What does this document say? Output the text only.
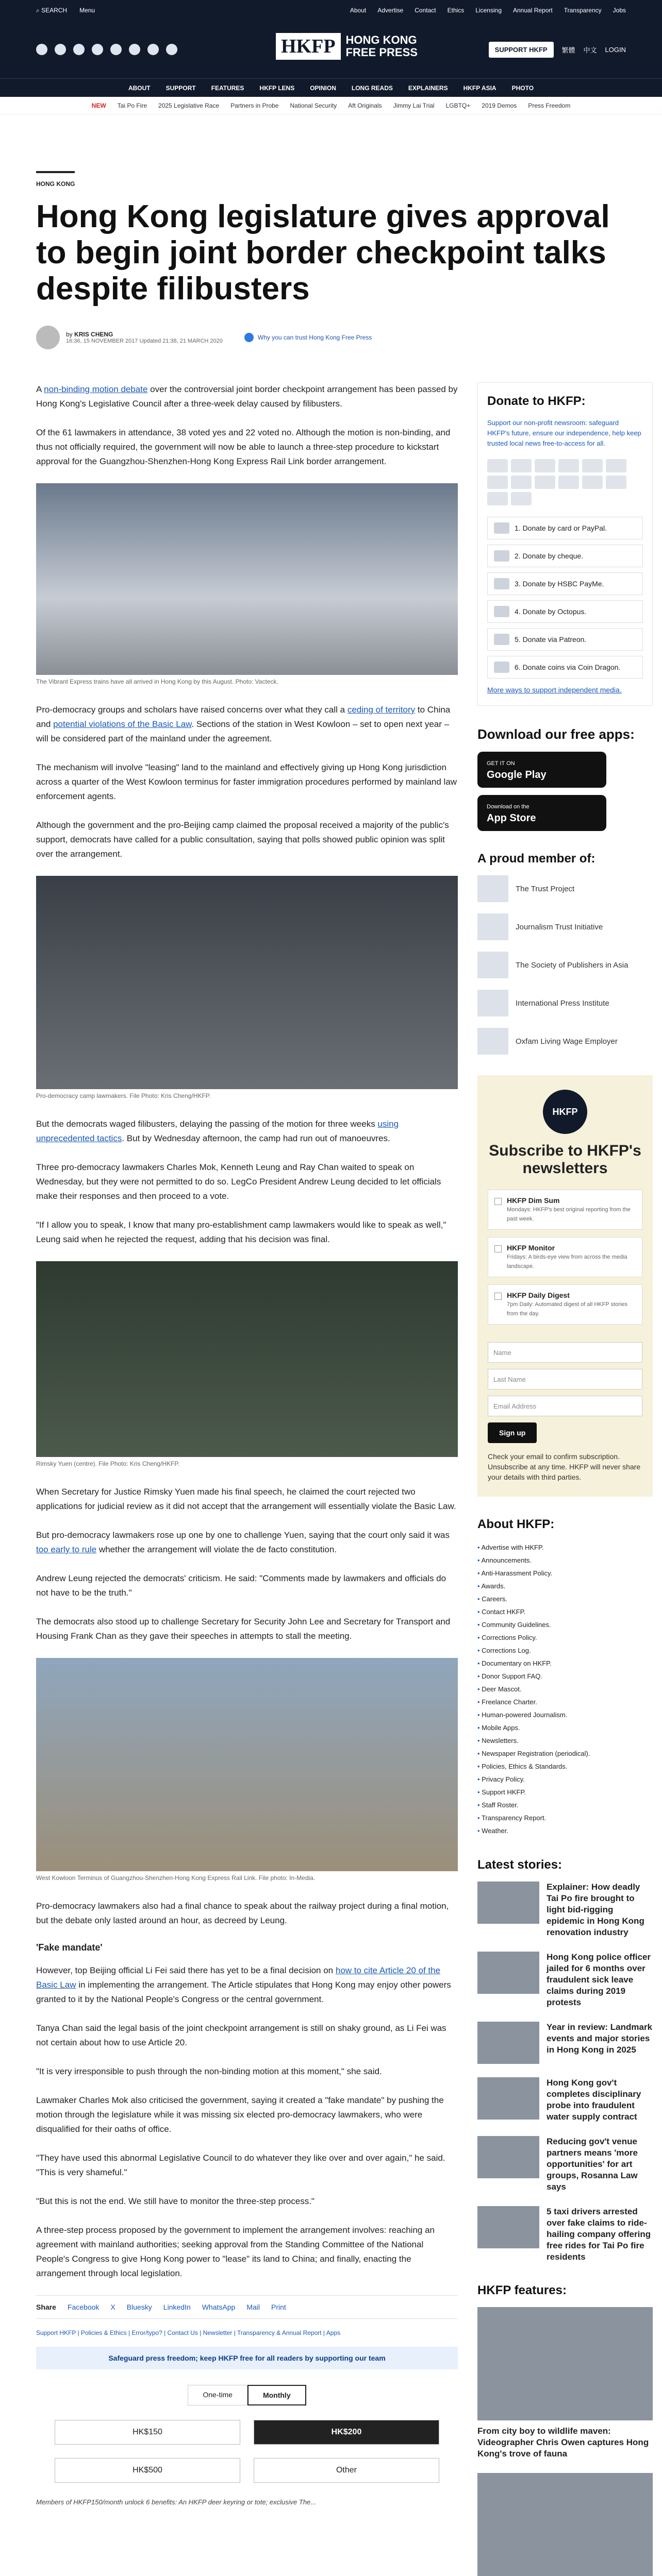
⌕ SEARCH Menu	About Advertise Contact Ethics Licensing Annual Report Transparency Jobs
HKFP HONG KONG
FREE PRESS	SUPPORT HKFP	繁體 中文 LOGIN
ABOUT	SUPPORT	FEATURES	HKFP LENS	OPINION	LONG READS	EXPLAINERS	HKFP ASIA	PHOTO
NEW Tai Po Fire 2025 Legislative Race Partners in Probe National Security Aft Originals Jimmy Lai Trial LGBTQ+ 2019 Demos Press Freedom
HONG KONG
Hong Kong legislature gives approval to begin joint border checkpoint talks despite filibusters
by KRIS CHENG
16:36, 15 NOVEMBER 2017 Updated 21:38, 21 MARCH 2020	Why you can trust Hong Kong Free Press

A non-binding motion debate over the controversial joint border checkpoint arrangement has been passed by Hong Kong's Legislative Council after a three-week delay caused by filibusters.

Of the 61 lawmakers in attendance, 38 voted yes and 22 voted no. Although the motion is non-binding, and thus not officially required, the government will now be able to launch a three-step procedure to kickstart approval for the Guangzhou-Shenzhen-Hong Kong Express Rail Link border arrangement.

The Vibrant Express trains have all arrived in Hong Kong by this August. Photo: Vacteck.

Pro-democracy groups and scholars have raised concerns over what they call a ceding of territory to China and potential violations of the Basic Law. Sections of the station in West Kowloon – set to open next year – will be considered part of the mainland under the agreement.

The mechanism will involve "leasing" land to the mainland and effectively giving up Hong Kong jurisdiction across a quarter of the West Kowloon terminus for faster immigration procedures performed by mainland law enforcement agents.

Although the government and the pro-Beijing camp claimed the proposal received a majority of the public's support, democrats have called for a public consultation, saying that polls showed public opinion was split over the arrangement.

Pro-democracy camp lawmakers. File Photo: Kris Cheng/HKFP.

But the democrats waged filibusters, delaying the passing of the motion for three weeks using unprecedented tactics. But by Wednesday afternoon, the camp had run out of manoeuvres.

Three pro-democracy lawmakers Charles Mok, Kenneth Leung and Ray Chan waited to speak on Wednesday, but they were not permitted to do so. LegCo President Andrew Leung decided to let officials make their responses and then proceed to a vote.

"If I allow you to speak, I know that many pro-establishment camp lawmakers would like to speak as well," Leung said when he rejected the request, adding that his decision was final.

Rimsky Yuen (centre). File Photo: Kris Cheng/HKFP.

When Secretary for Justice Rimsky Yuen made his final speech, he claimed the court rejected two applications for judicial review as it did not accept that the arrangement will essentially violate the Basic Law.

But pro-democracy lawmakers rose up one by one to challenge Yuen, saying that the court only said it was too early to rule whether the arrangement will violate the de facto constitution.

Andrew Leung rejected the democrats' criticism. He said: "Comments made by lawmakers and officials do not have to be the truth."

The democrats also stood up to challenge Secretary for Security John Lee and Secretary for Transport and Housing Frank Chan as they gave their speeches in attempts to stall the meeting.

West Kowloon Terminus of Guangzhou-Shenzhen-Hong Kong Express Rail Link. File photo: In-Media.

Pro-democracy lawmakers also had a final chance to speak about the railway project during a final motion, but the debate only lasted around an hour, as decreed by Leung.

'Fake mandate'

However, top Beijing official Li Fei said there has yet to be a final decision on how to cite Article 20 of the Basic Law in implementing the arrangement. The Article stipulates that Hong Kong may enjoy other powers granted to it by the National People's Congress or the central government.

Tanya Chan said the legal basis of the joint checkpoint arrangement is still on shaky ground, as Li Fei was not certain about how to use Article 20.

"It is very irresponsible to push through the non-binding motion at this moment," she said.

Lawmaker Charles Mok also criticised the government, saying it created a "fake mandate" by pushing the motion through the legislature while it was missing six elected pro-democracy lawmakers, who were disqualified for their oaths of office.

"They have used this abnormal Legislative Council to do whatever they like over and over again," he said. "This is very shameful."

"But this is not the end. We still have to monitor the three-step process."

A three-step process proposed by the government to implement the arrangement involves: reaching an agreement with mainland authorities; seeking approval from the Standing Committee of the National People's Congress to give Hong Kong power to "lease" its land to China; and finally, enacting the arrangement through local legislation.

Share Facebook X Bluesky LinkedIn WhatsApp Mail Print
Support HKFP | Policies & Ethics | Error/typo? | Contact Us | Newsletter | Transparency & Annual Report | Apps
Safeguard press freedom; keep HKFP free for all readers by supporting our team
One-time	Monthly
HK$150	HK$200
HK$500	Other
Members of HKFP150/month unlock 6 benefits: An HKFP deer keyring or tote; exclusive The...
Donate to HKFP:
Support our non-profit newsroom: safeguard HKFP's future, ensure our independence, help keep trusted local news free-to-access for all.
1. Donate by card or PayPal.
2. Donate by cheque.
3. Donate by HSBC PayMe.
4. Donate by Octopus.
5. Donate via Patreon.
6. Donate coins via Coin Dragon.
More ways to support independent media.
Download our free apps:
GET IT ON
Google Play
Download on the
App Store
A proud member of:
The Trust Project
Journalism Trust Initiative
The Society of Publishers in Asia
International Press Institute
Oxfam Living Wage Employer
HKFP
Subscribe to HKFP's newsletters
HKFP Dim Sum
Mondays: HKFP's best original reporting from the past week.
HKFP Monitor
Fridays: A birds-eye view from across the media landscape.
HKFP Daily Digest
7pm Daily: Automated digest of all HKFP stories from the day.
Name
Last Name
Email Address
Sign up
Check your email to confirm subscription. Unsubscribe at any time. HKFP will never share your details with third parties.
About HKFP:
• Advertise with HKFP.
• Announcements.
• Anti-Harassment Policy.
• Awards.
• Careers.
• Contact HKFP.
• Community Guidelines.
• Corrections Policy.
• Corrections Log.
• Documentary on HKFP.
• Donor Support FAQ.
• Deer Mascot.
• Freelance Charter.
• Human-powered Journalism.
• Mobile Apps.
• Newsletters.
• Newspaper Registration (periodical).
• Policies, Ethics & Standards.
• Privacy Policy.
• Support HKFP.
• Staff Roster.
• Transparency Report.
• Weather.
Latest stories:
Explainer: How deadly Tai Po fire brought to light bid-rigging epidemic in Hong Kong renovation industry
Hong Kong police officer jailed for 6 months over fraudulent sick leave claims during 2019 protests
Year in review: Landmark events and major stories in Hong Kong in 2025
Hong Kong gov't completes disciplinary probe into fraudulent water supply contract
Reducing gov't venue partners means 'more opportunities' for art groups, Rosanna Law says
5 taxi drivers arrested over fake claims to ride-hailing company offering free rides for Tai Po fire residents
HKFP features:
From city boy to wildlife maven: Videographer Chris Owen captures Hong Kong's trove of fauna
